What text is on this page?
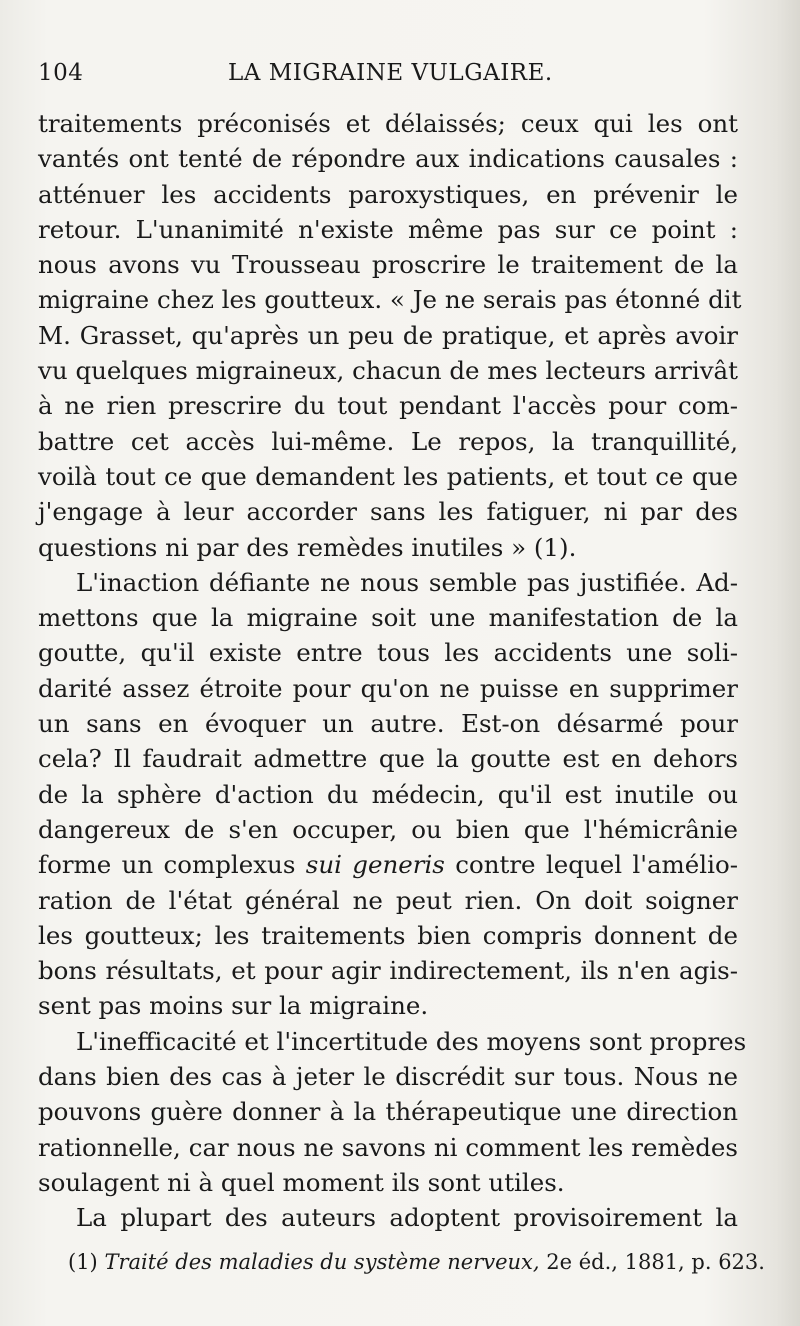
104	LA MIGRAINE VULGAIRE.
traitements préconisés et délaissés; ceux qui les ont
vantés ont tenté de répondre aux indications causales :
atténuer les accidents paroxystiques, en prévenir le
retour. L'unanimité n'existe même pas sur ce point :
nous avons vu Trousseau proscrire le traitement de la
migraine chez les goutteux. « Je ne serais pas étonné dit
M. Grasset, qu'après un peu de pratique, et après avoir
vu quelques migraineux, chacun de mes lecteurs arrivât
à ne rien prescrire du tout pendant l'accès pour com-
battre cet accès lui-même. Le repos, la tranquillité,
voilà tout ce que demandent les patients, et tout ce que
j'engage à leur accorder sans les fatiguer, ni par des
questions ni par des remèdes inutiles » (1).
L'inaction défiante ne nous semble pas justifiée. Ad-
mettons que la migraine soit une manifestation de la
goutte, qu'il existe entre tous les accidents une soli-
darité assez étroite pour qu'on ne puisse en supprimer
un sans en évoquer un autre. Est-on désarmé pour
cela? Il faudrait admettre que la goutte est en dehors
de la sphère d'action du médecin, qu'il est inutile ou
dangereux de s'en occuper, ou bien que l'hémicrânie
forme un complexus sui generis contre lequel l'amélio-
ration de l'état général ne peut rien. On doit soigner
les goutteux; les traitements bien compris donnent de
bons résultats, et pour agir indirectement, ils n'en agis-
sent pas moins sur la migraine.
L'inefficacité et l'incertitude des moyens sont propres
dans bien des cas à jeter le discrédit sur tous. Nous ne
pouvons guère donner à la thérapeutique une direction
rationnelle, car nous ne savons ni comment les remèdes
soulagent ni à quel moment ils sont utiles.
La plupart des auteurs adoptent provisoirement la
(1) Traité des maladies du système nerveux, 2e éd., 1881, p. 623.
